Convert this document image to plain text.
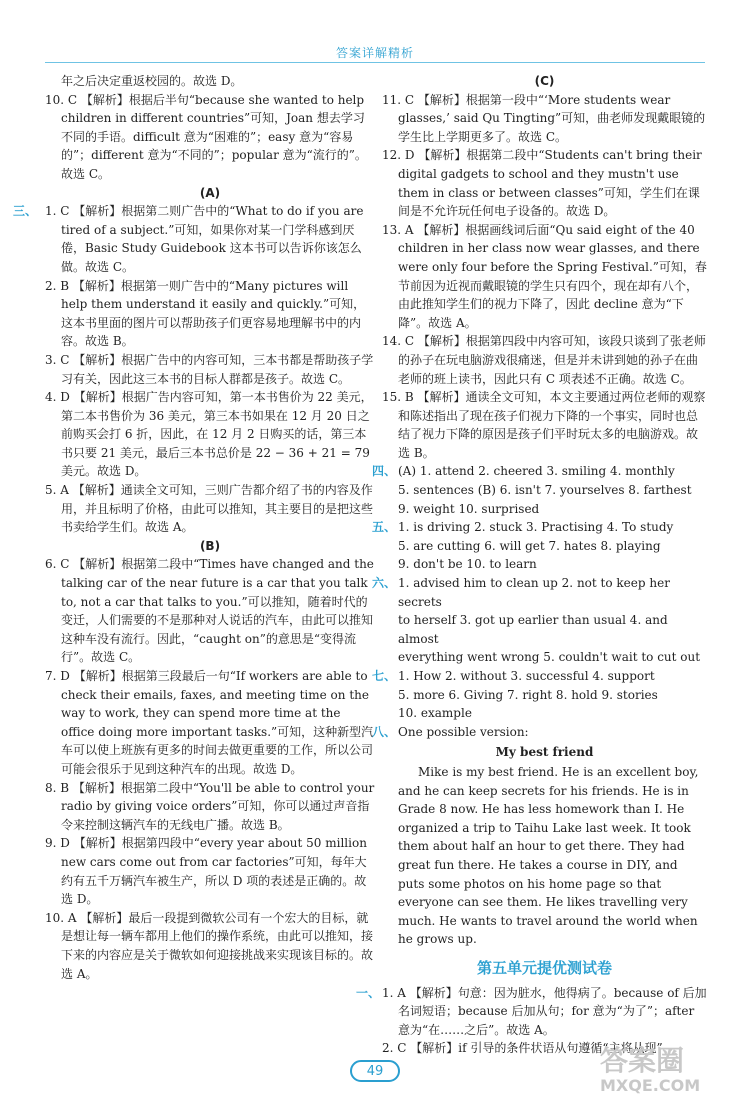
答案详解精析

年之后决定重返校园的。故选 D。

10. C 【解析】根据后半句“because she wanted to help children in different countries”可知，Joan 想去学习不同的手语。difficult 意为“困难的”；easy 意为“容易的”；different 意为“不同的”；popular 意为“流行的”。故选 C。

(A)

三、 1. C 【解析】根据第二则广告中的“What to do if you are tired of a subject.”可知，如果你对某一门学科感到厌倦，Basic Study Guidebook 这本书可以告诉你该怎么做。故选 C。

2. B 【解析】根据第一则广告中的“Many pictures will help them understand it easily and quickly.”可知，这本书里面的图片可以帮助孩子们更容易地理解书中的内容。故选 B。

3. C 【解析】根据广告中的内容可知，三本书都是帮助孩子学习有关，因此这三本书的目标人群都是孩子。故选 C。

4. D 【解析】根据广告内容可知，第一本书售价为 22 美元，第二本书售价为 36 美元，第三本书如果在 12 月 20 日之前购买会打 6 折，因此，在 12 月 2 日购买的话，第三本书只要 21 美元，最后三本书总价是 22 − 36 + 21 = 79 美元。故选 D。

5. A 【解析】通读全文可知，三则广告都介绍了书的内容及作用，并且标明了价格，由此可以推知，其主要目的是把这些书卖给学生们。故选 A。

(B)

6. C 【解析】根据第二段中“Times have changed and the talking car of the near future is a car that you talk to, not a car that talks to you.”可以推知，随着时代的变迁，人们需要的不是那种对人说话的汽车，由此可以推知这种车没有流行。因此，“caught on”的意思是“变得流行”。故选 C。

7. D 【解析】根据第三段最后一句“If workers are able to check their emails, faxes, and meeting time on the way to work, they can spend more time at the office doing more important tasks.”可知，这种新型汽车可以使上班族有更多的时间去做更重要的工作，所以公司可能会很乐于见到这种汽车的出现。故选 D。

8. B 【解析】根据第二段中“You'll be able to control your radio by giving voice orders”可知，你可以通过声音指令来控制这辆汽车的无线电广播。故选 B。

9. D 【解析】根据第四段中“every year about 50 million new cars come out from car factories”可知，每年大约有五千万辆汽车被生产，所以 D 项的表述是正确的。故选 D。

10. A 【解析】最后一段提到微软公司有一个宏大的目标，就是想让每一辆车都用上他们的操作系统，由此可以推知，接下来的内容应是关于微软如何迎接挑战来实现该目标的。故选 A。

(C)

11. C 【解析】根据第一段中“‘More students wear glasses,’ said Qu Tingting”可知，曲老师发现戴眼镜的学生比上学期更多了。故选 C。

12. D 【解析】根据第二段中“Students can't bring their digital gadgets to school and they mustn't use them in class or between classes”可知，学生们在课间是不允许玩任何电子设备的。故选 D。

13. A 【解析】根据画线词后面“Qu said eight of the 40 children in her class now wear glasses, and there were only four before the Spring Festival.”可知，春节前因为近视而戴眼镜的学生只有四个，现在却有八个，由此推知学生们的视力下降了，因此 decline 意为“下降”。故选 A。

14. C 【解析】根据第四段中内容可知，该段只谈到了张老师的孙子在玩电脑游戏很痛迷，但是并未讲到她的孙子在曲老师的班上读书，因此只有 C 项表述不正确。故选 C。

15. B 【解析】通读全文可知，本文主要通过两位老师的观察和陈述指出了现在孩子们视力下降的一个事实，同时也总结了视力下降的原因是孩子们平时玩太多的电脑游戏。故选 B。

四、 (A) 1. attend 2. cheered 3. smiling 4. monthly

5. sentences (B) 6. isn't 7. yourselves 8. farthest

9. weight 10. surprised

五、 1. is driving 2. stuck 3. Practising 4. To study

5. are cutting 6. will get 7. hates 8. playing

9. don't be 10. to learn

六、 1. advised him to clean up 2. not to keep her secrets

to herself 3. got up earlier than usual 4. and almost

everything went wrong 5. couldn't wait to cut out

七、 1. How 2. without 3. successful 4. support

5. more 6. Giving 7. right 8. hold 9. stories

10. example

八、 One possible version:

My best friend

Mike is my best friend. He is an excellent boy, and he can keep secrets for his friends. He is in Grade 8 now. He has less homework than I. He organized a trip to Taihu Lake last week. It took them about half an hour to get there. They had great fun there. He takes a course in DIY, and puts some photos on his home page so that everyone can see them. He likes travelling very much. He wants to travel around the world when he grows up.

第五单元提优测试卷

一、 1. A 【解析】句意：因为脏水，他得病了。because of 后加名词短语；because 后加从句；for 意为“为了”；after 意为“在……之后”。故选 A。

2. C 【解析】if 引导的条件状语从句遵循“主将从现”

49	答案圈
MXQE.COM
